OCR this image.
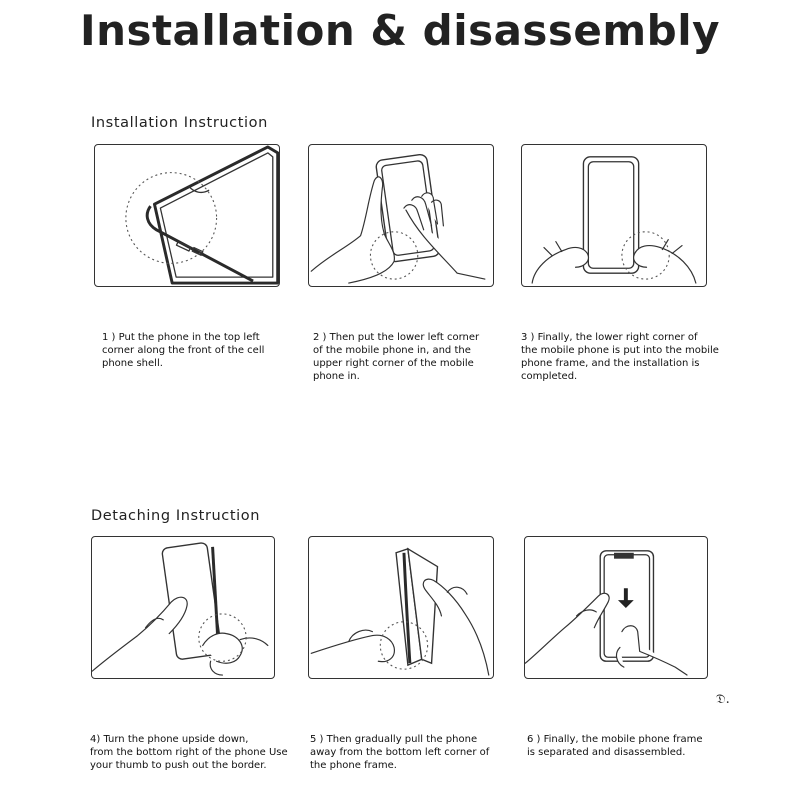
Installation & disassembly
Installation Instruction
1 ) Put the phone in the top left
corner along the front of the cell
phone shell.
2 ) Then put the lower left corner
of the mobile phone in, and the
upper right corner of the mobile
phone in.
3 ) Finally, the lower right corner of
the mobile phone is put into the mobile
phone frame, and the installation is
completed.
Detaching Instruction
4) Turn the phone upside down,
from the bottom right of the phone Use
your thumb to push out the border.
5 ) Then gradually pull the phone
away from the bottom left corner of
the phone frame.
6 ) Finally, the mobile phone frame
is separated and disassembled.
𝔇.
